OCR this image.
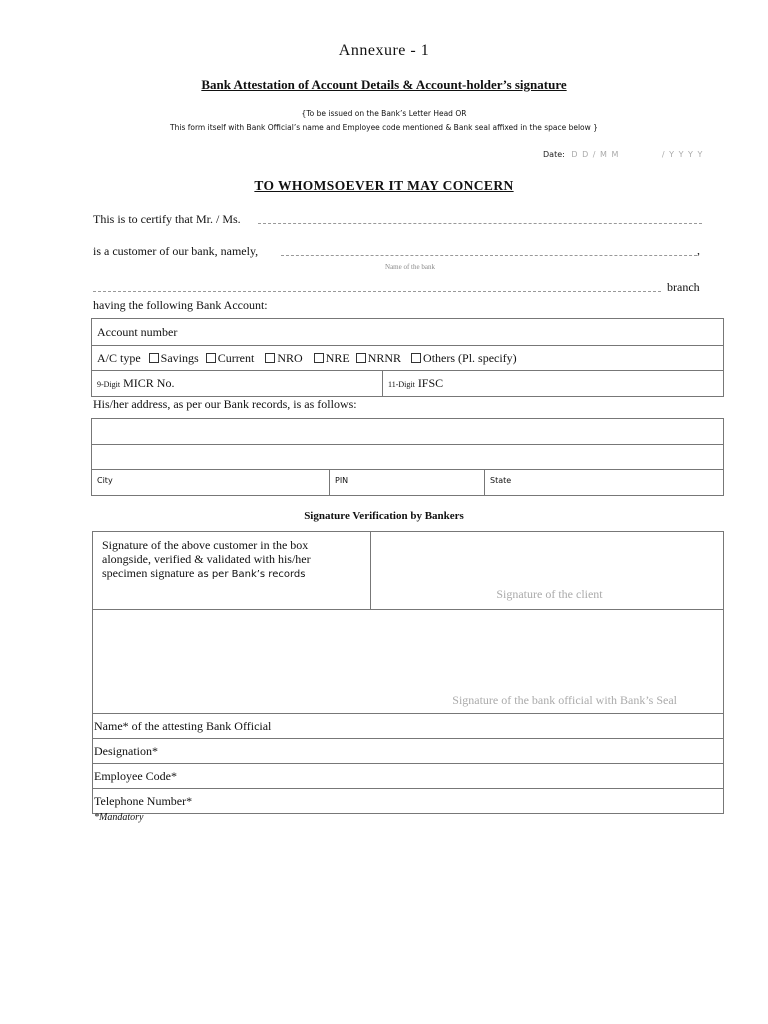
Annexure - 1
Bank Attestation of Account Details & Account-holder’s signature
{To be issued on the Bank’s Letter Head OR
This form itself with Bank Official’s name and Employee code mentioned & Bank seal affixed in the space below }
Date: D D / M M	/ Y Y Y Y
TO WHOMSOEVER IT MAY CONCERN
This is to certify that Mr. / Ms.
is a customer of our bank, namely,	,
Name of the bank
branch
having the following Bank Account:
Account number
A/C type Savings Current NRO NRE NRNR Others (Pl. specify)
9-Digit MICR No.	11-Digit IFSC
His/her address, as per our Bank records, is as follows:

City	PIN	State
Signature Verification by Bankers
Signature of the above customer in the box
alongside, verified & validated with his/her
specimen signature as per Bank’s records
	Signature of the client
Signature of the bank official with Bank’s Seal
Name* of the attesting Bank Official
Designation*
Employee Code*
Telephone Number*
*Mandatory
